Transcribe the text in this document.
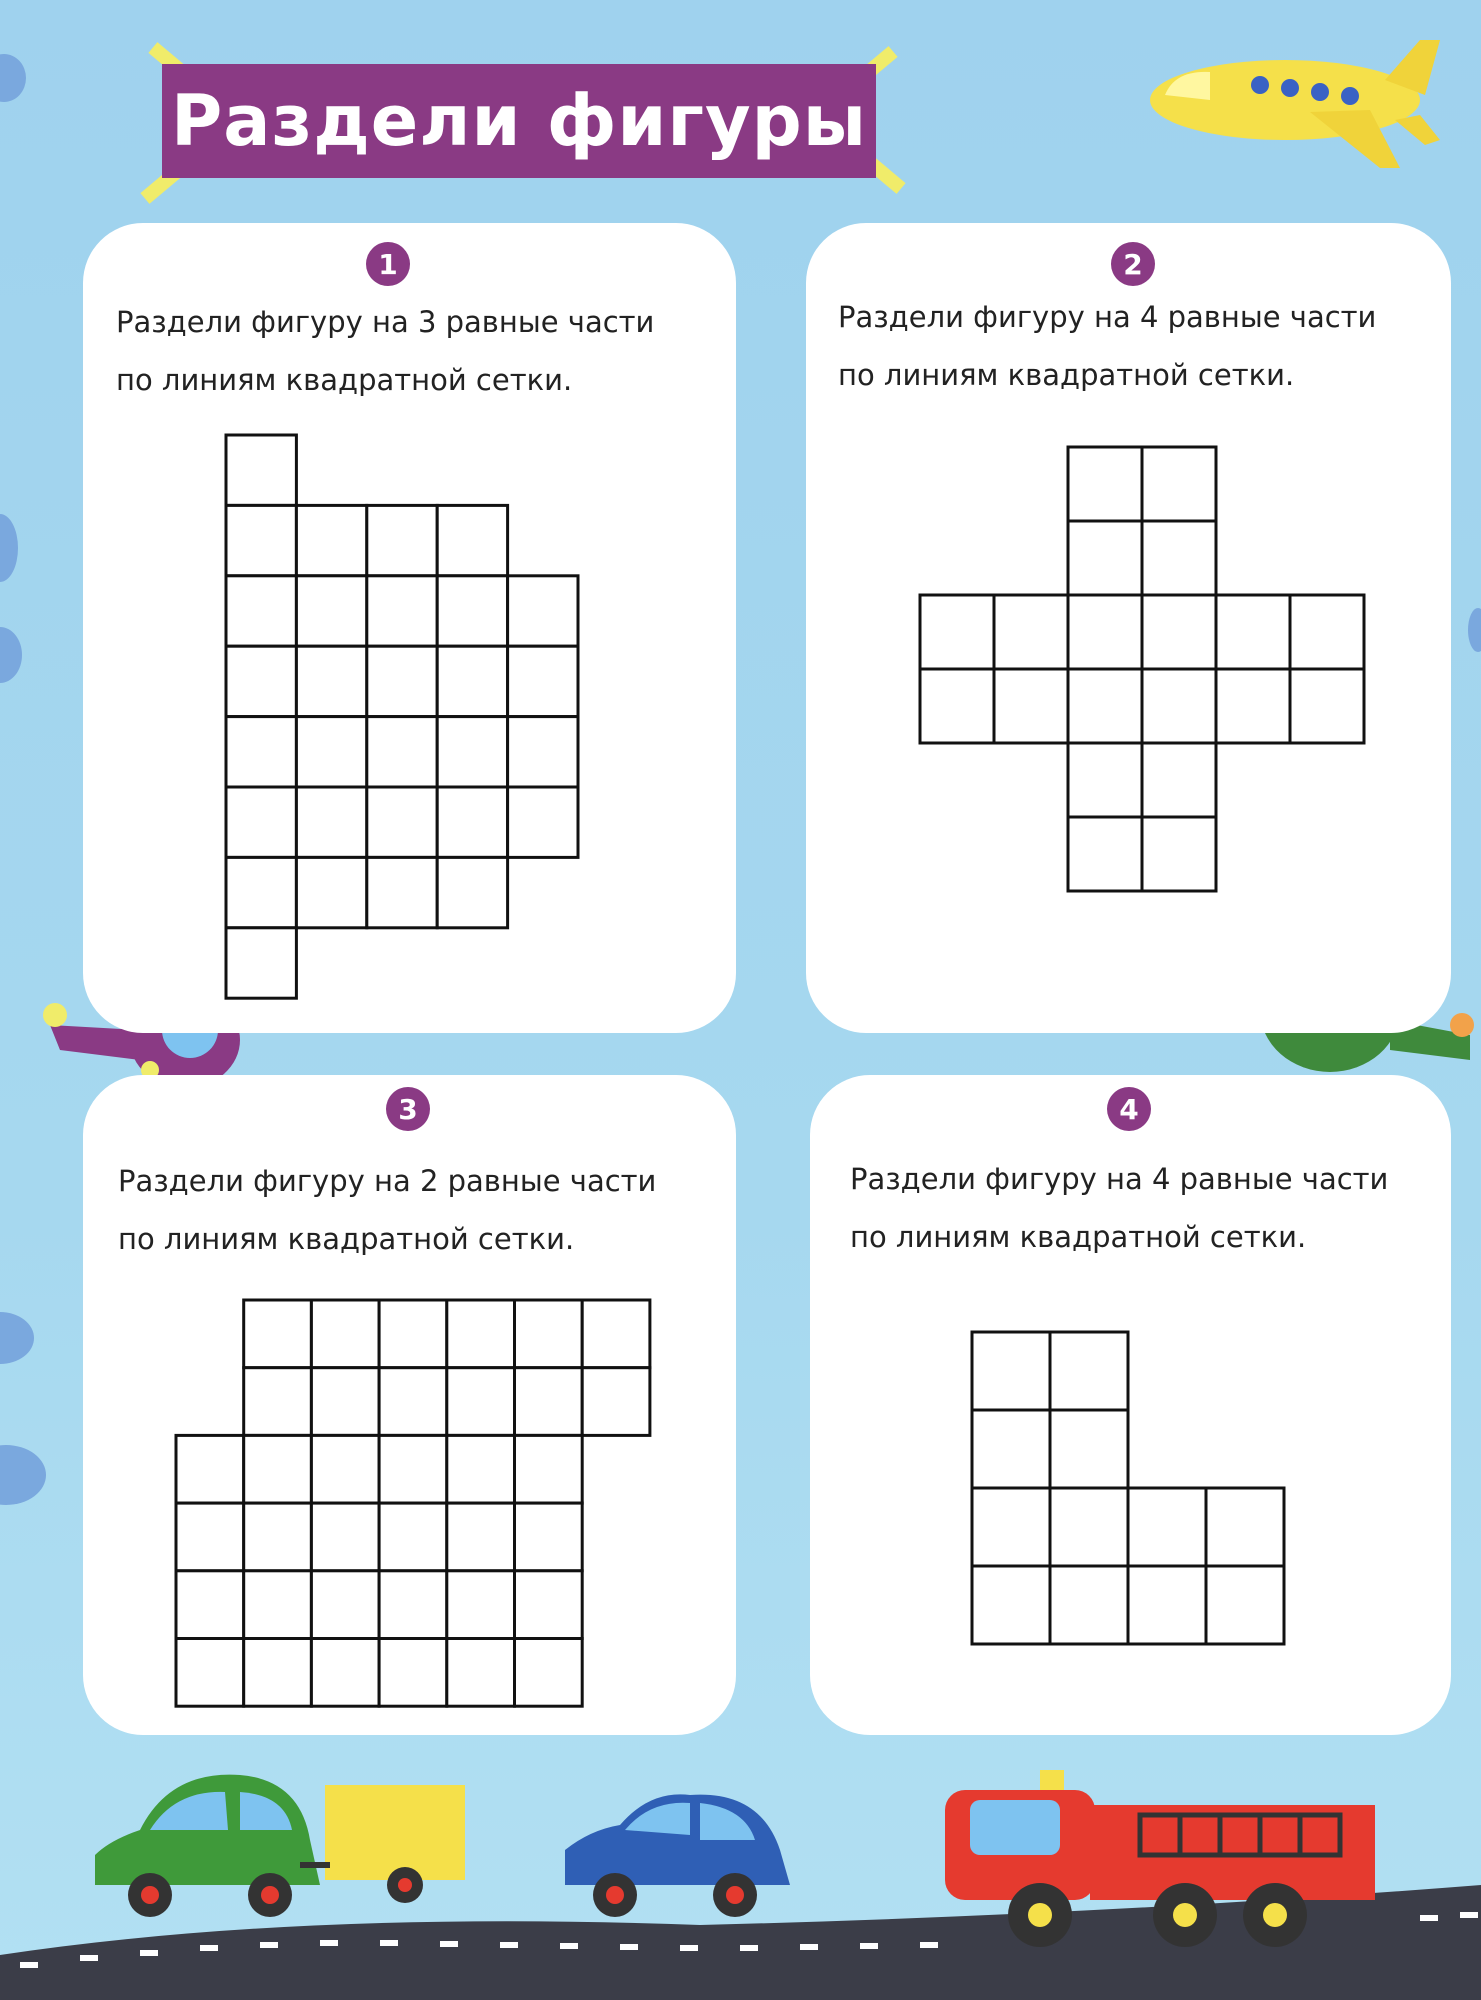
Раздели фигуры
1
Раздели фигуру на 3 равные части
по линиям квадратной сетки.
2
Раздели фигуру на 4 равные части
по линиям квадратной сетки.
3
Раздели фигуру на 2 равные части
по линиям квадратной сетки.
4
Раздели фигуру на 4 равные части
по линиям квадратной сетки.
